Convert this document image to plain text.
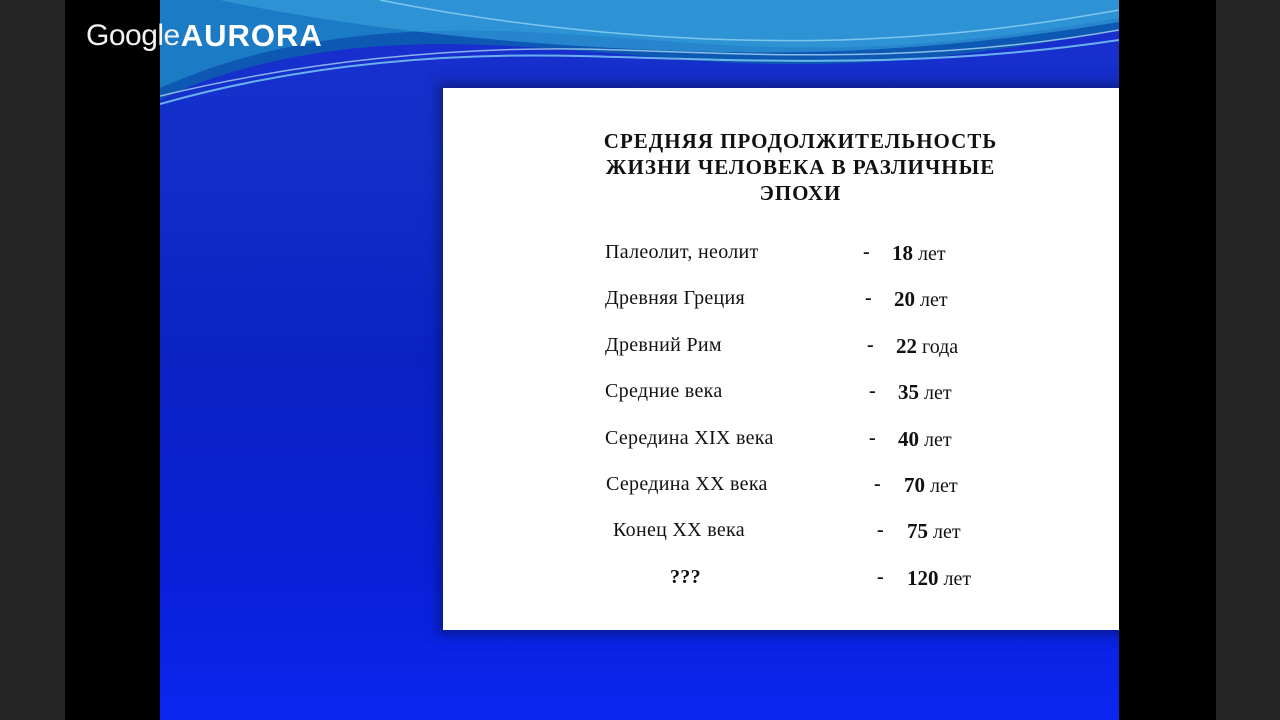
СРЕДНЯЯ ПРОДОЛЖИТЕЛЬНОСТЬ
ЖИЗНИ ЧЕЛОВЕКА В РАЗЛИЧНЫЕ
ЭПОХИ
Палеолит, неолит	- 18 лет
Древняя Греция	- 20 лет
Древний Рим	- 22 года
Средние века	- 35 лет
Середина XIX века	- 40 лет
Середина XX века	- 70 лет
Конец XX века	- 75 лет
???	- 120 лет
Google AURORA
